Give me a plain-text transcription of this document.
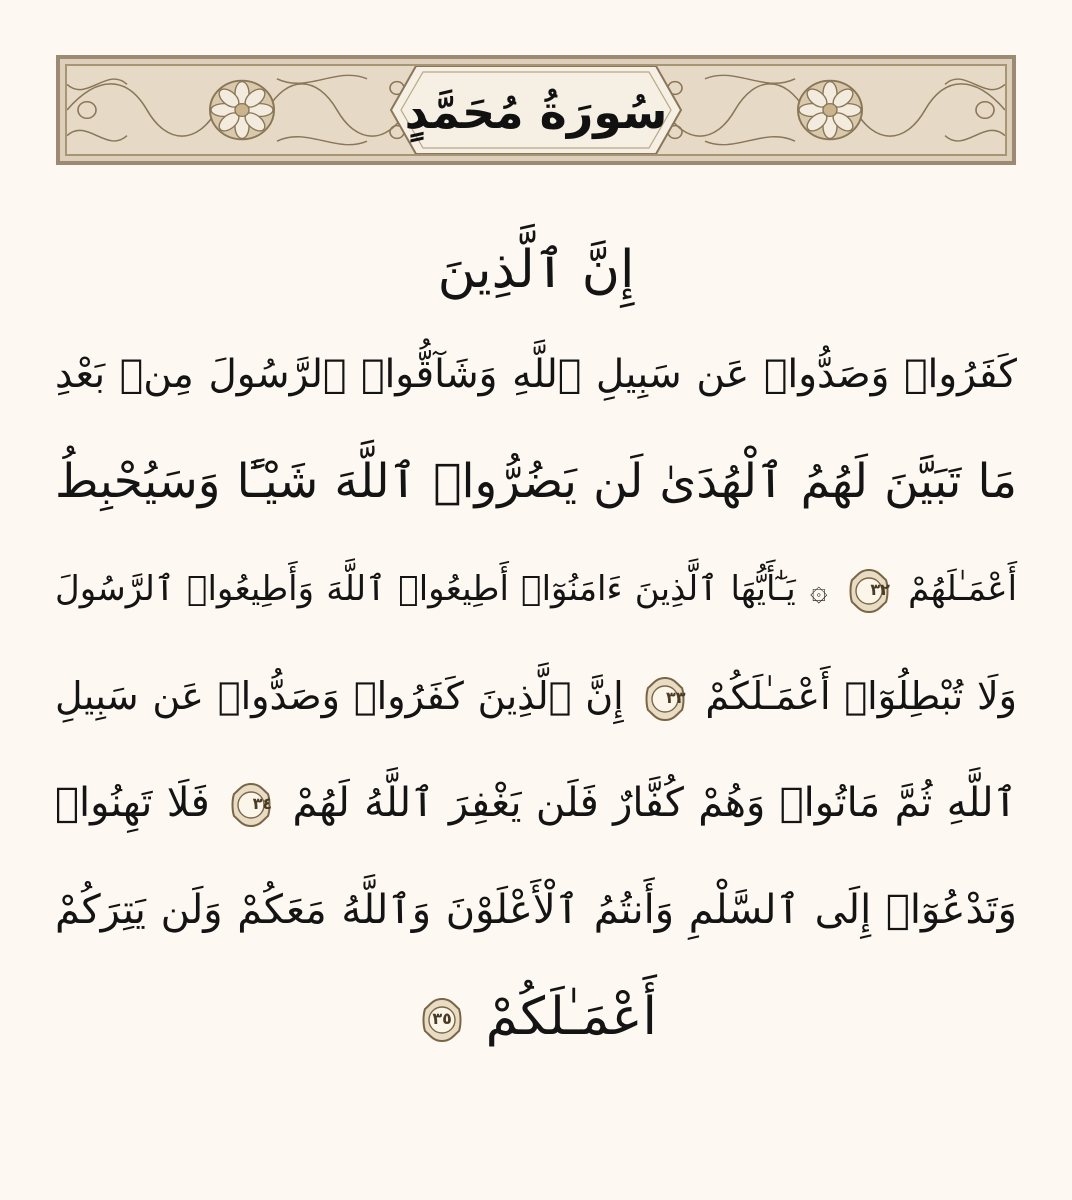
سُورَةُ مُحَمَّدٍ
إِنَّ ٱلَّذِينَ
كَفَرُوا۟ وَصَدُّوا۟ عَن سَبِيلِ ٱللَّهِ وَشَآقُّوا۟ ٱلرَّسُولَ مِنۢ بَعْدِ
مَا تَبَيَّنَ لَهُمُ ٱلْهُدَىٰ لَن يَضُرُّوا۟ ٱللَّهَ شَيْـًٔا وَسَيُحْبِطُ
أَعْمَـٰلَهُمْ
٣٢
۞ يَـٰٓأَيُّهَا ٱلَّذِينَ ءَامَنُوٓا۟ أَطِيعُوا۟ ٱللَّهَ وَأَطِيعُوا۟ ٱلرَّسُولَ
وَلَا تُبْطِلُوٓا۟ أَعْمَـٰلَكُمْ
٣٣
إِنَّ ٱلَّذِينَ كَفَرُوا۟ وَصَدُّوا۟ عَن سَبِيلِ
ٱللَّهِ ثُمَّ مَاتُوا۟ وَهُمْ كُفَّارٌ فَلَن يَغْفِرَ ٱللَّهُ لَهُمْ
٣٤
فَلَا تَهِنُوا۟
وَتَدْعُوٓا۟ إِلَى ٱلسَّلْمِ وَأَنتُمُ ٱلْأَعْلَوْنَ وَٱللَّهُ مَعَكُمْ وَلَن يَتِرَكُمْ
أَعْمَـٰلَكُمْ
٣٥
